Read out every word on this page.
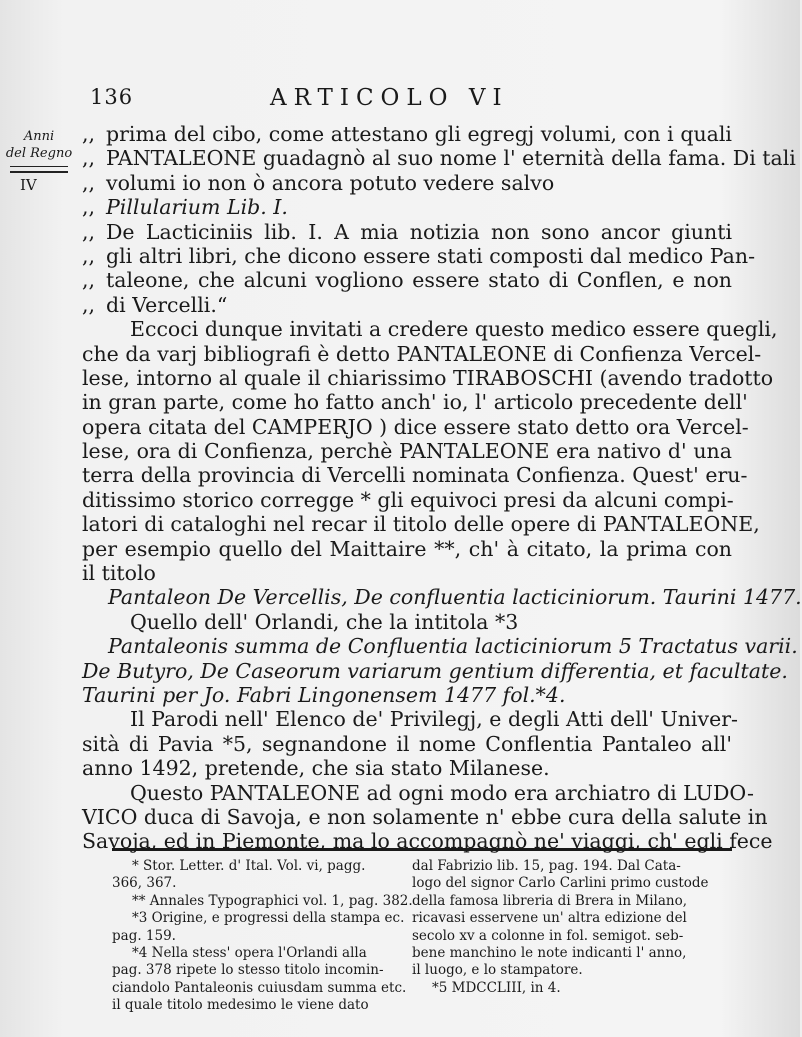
136	ARTICOLO VI
Anni
del Regno
IV
,, prima del cibo, come attestano gli egregj volumi, con i quali
,, PANTALEONE guadagnò al suo nome l' eternità della fama. Di tali
,, volumi io non ò ancora potuto vedere salvo
,, Pillularium Lib. I.
,, De Lacticiniis lib. I. A mia notizia non sono ancor giunti
,, gli altri libri, che dicono essere stati composti dal medico Pan-
,, taleone, che alcuni vogliono essere stato di Conflen, e non
,, di Vercelli.“
Eccoci dunque invitati a credere questo medico essere quegli,
che da varj bibliografi è detto PANTALEONE di Confienza Vercel-
lese, intorno al quale il chiarissimo TIRABOSCHI (avendo tradotto
in gran parte, come ho fatto anch' io, l' articolo precedente dell'
opera citata del CAMPERJO ) dice essere stato detto ora Vercel-
lese, ora di Confienza, perchè PANTALEONE era nativo d' una
terra della provincia di Vercelli nominata Confienza. Quest' eru-
ditissimo storico corregge * gli equivoci presi da alcuni compi-
latori di cataloghi nel recar il titolo delle opere di PANTALEONE,
per esempio quello del Maittaire **, ch' à citato, la prima con
il titolo
Pantaleon De Vercellis, De confluentia lacticiniorum. Taurini 1477.
Quello dell' Orlandi, che la intitola *3
Pantaleonis summa de Confluentia lacticiniorum 5 Tractatus varii.
De Butyro, De Caseorum variarum gentium differentia, et facultate.
Taurini per Jo. Fabri Lingonensem 1477 fol.*4.
Il Parodi nell' Elenco de' Privilegj, e degli Atti dell' Univer-
sità di Pavia *5, segnandone il nome Conflentia Pantaleo all'
anno 1492, pretende, che sia stato Milanese.
Questo PANTALEONE ad ogni modo era archiatro di LUDO-
VICO duca di Savoja, e non solamente n' ebbe cura della salute in
Savoja, ed in Piemonte, ma lo accompagnò ne' viaggi, ch' egli fece
* Stor. Letter. d' Ital. Vol. vi, pagg.
366, 367.
** Annales Typographici vol. 1, pag. 382.
*3 Origine, e progressi della stampa ec.
pag. 159.
*4 Nella stess' opera l'Orlandi alla
pag. 378 ripete lo stesso titolo incomin-
ciandolo Pantaleonis cuiusdam summa etc.
il quale titolo medesimo le viene dato
dal Fabrizio lib. 15, pag. 194. Dal Cata-
logo del signor Carlo Carlini primo custode
della famosa libreria di Brera in Milano,
ricavasi esservene un' altra edizione del
secolo xv a colonne in fol. semigot. seb-
bene manchino le note indicanti l' anno,
il luogo, e lo stampatore.
*5 MDCCLIII, in 4.
